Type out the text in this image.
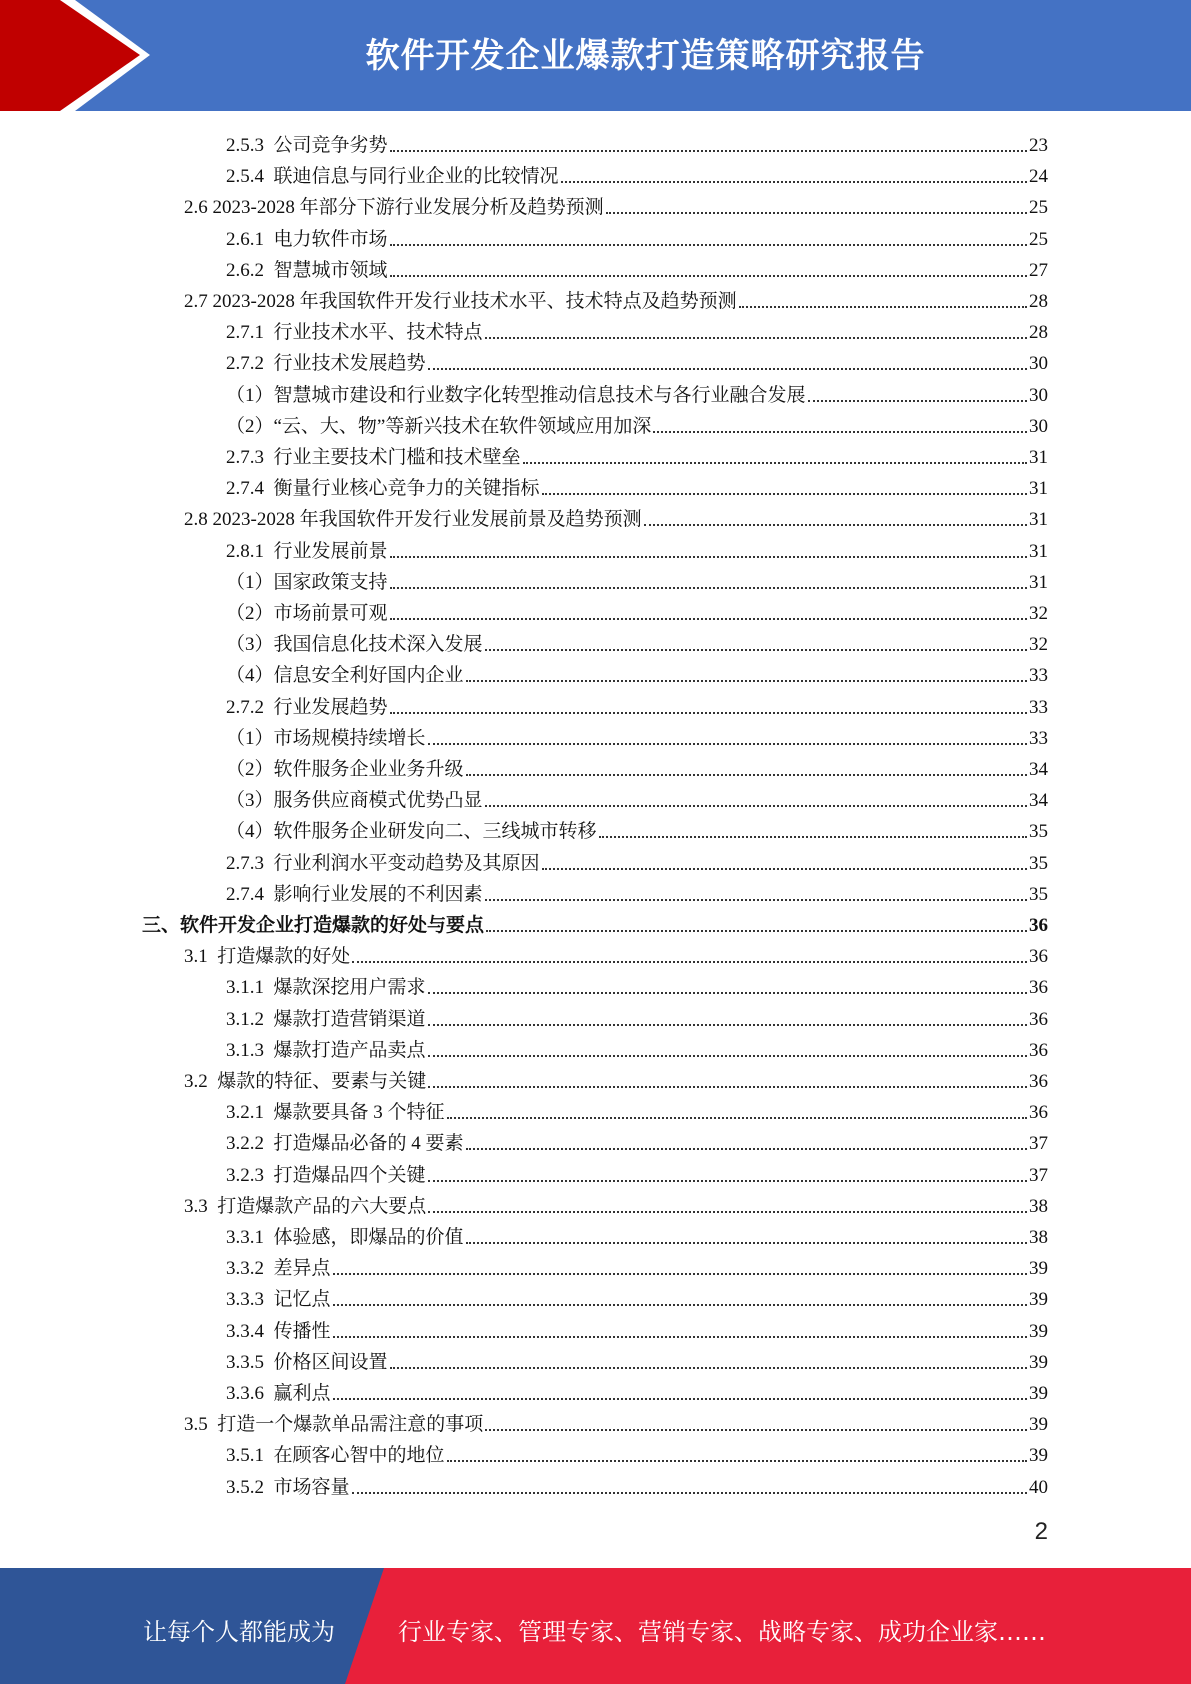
软件开发企业爆款打造策略研究报告
2.5.3  公司竞争劣势	23
2.5.4  联迪信息与同行业企业的比较情况	24
2.6 2023-2028 年部分下游行业发展分析及趋势预测	25
2.6.1  电力软件市场	25
2.6.2  智慧城市领域	27
2.7 2023-2028 年我国软件开发行业技术水平、技术特点及趋势预测	28
2.7.1  行业技术水平、技术特点	28
2.7.2  行业技术发展趋势	30
（1）智慧城市建设和行业数字化转型推动信息技术与各行业融合发展	30
（2）“云、大、物”等新兴技术在软件领域应用加深	30
2.7.3  行业主要技术门槛和技术壁垒	31
2.7.4  衡量行业核心竞争力的关键指标	31
2.8 2023-2028 年我国软件开发行业发展前景及趋势预测	31
2.8.1  行业发展前景	31
（1）国家政策支持	31
（2）市场前景可观	32
（3）我国信息化技术深入发展	32
（4）信息安全利好国内企业	33
2.7.2  行业发展趋势	33
（1）市场规模持续增长	33
（2）软件服务企业业务升级	34
（3）服务供应商模式优势凸显	34
（4）软件服务企业研发向二、三线城市转移	35
2.7.3  行业利润水平变动趋势及其原因	35
2.7.4  影响行业发展的不利因素	35
三、软件开发企业打造爆款的好处与要点	36
3.1  打造爆款的好处	36
3.1.1  爆款深挖用户需求	36
3.1.2  爆款打造营销渠道	36
3.1.3  爆款打造产品卖点	36
3.2  爆款的特征、要素与关键	36
3.2.1  爆款要具备 3 个特征	36
3.2.2  打造爆品必备的 4 要素	37
3.2.3  打造爆品四个关键	37
3.3  打造爆款产品的六大要点	38
3.3.1  体验感，即爆品的价值	38
3.3.2  差异点	39
3.3.3  记忆点	39
3.3.4  传播性	39
3.3.5  价格区间设置	39
3.3.6  赢利点	39
3.5  打造一个爆款单品需注意的事项	39
3.5.1  在顾客心智中的地位	39
3.5.2  市场容量	40
2
让每个人都能成为	行业专家、管理专家、营销专家、战略专家、成功企业家……
